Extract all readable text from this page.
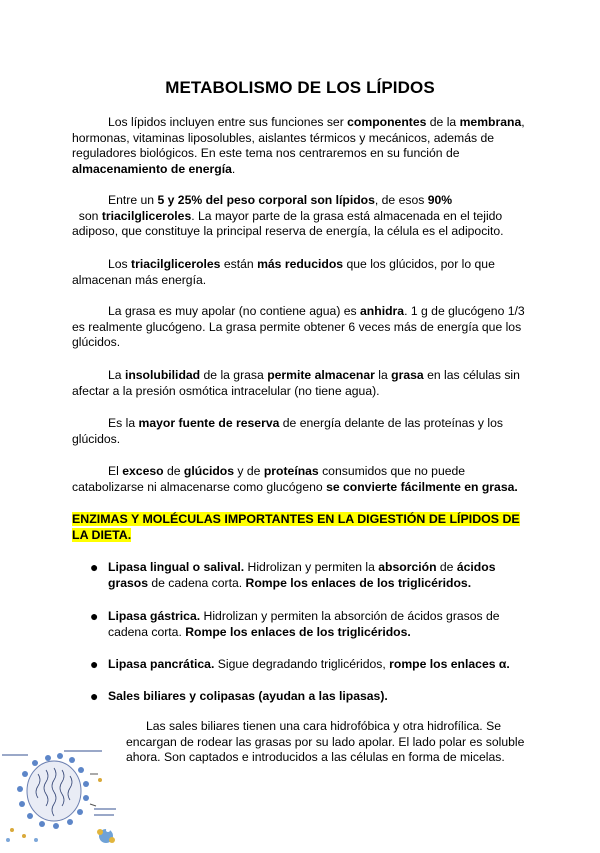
METABOLISMO DE LOS LÍPIDOS
Los lípidos incluyen entre sus funciones ser componentes de la membrana, hormonas, vitaminas liposolubles, aislantes térmicos y mecánicos, además de reguladores biológicos. En este tema nos centraremos en su función de almacenamiento de energía.
Entre un 5 y 25% del peso corporal son lípidos, de esos 90%  son triacilgliceroles. La mayor parte de la grasa está almacenada en el tejido adiposo, que constituye la principal reserva de energía, la célula es el adipocito.
Los triacilgliceroles están más reducidos que los glúcidos, por lo que almacenan más energía.
La grasa es muy apolar (no contiene agua) es anhidra. 1 g de glucógeno 1/3 es realmente glucógeno. La grasa permite obtener 6 veces más de energía que los glúcidos.
La insolubilidad de la grasa permite almacenar la grasa en las células sin afectar a la presión osmótica intracelular (no tiene agua).
Es la mayor fuente de reserva de energía delante de las proteínas y los glúcidos.
El exceso de glúcidos y de proteínas consumidos que no puede catabolizarse ni almacenarse como glucógeno se convierte fácilmente en grasa.
ENZIMAS Y MOLÉCULAS IMPORTANTES EN LA DIGESTIÓN DE LÍPIDOS DE LA DIETA.
● Lipasa lingual o salival. Hidrolizan y permiten la absorción de ácidos grasos de cadena corta. Rompe los enlaces de los triglicéridos.
● Lipasa gástrica. Hidrolizan y permiten la absorción de ácidos grasos de cadena corta. Rompe los enlaces de los triglicéridos.
● Lipasa pancrática. Sigue degradando triglicéridos, rompe los enlaces α.
● Sales biliares y colipasas (ayudan a las lipasas).
Las sales biliares tienen una cara hidrofóbica y otra hidrofílica. Se encargan de rodear las grasas por su lado apolar. El lado polar es soluble ahora. Son captados e introducidos a las células en forma de micelas.
